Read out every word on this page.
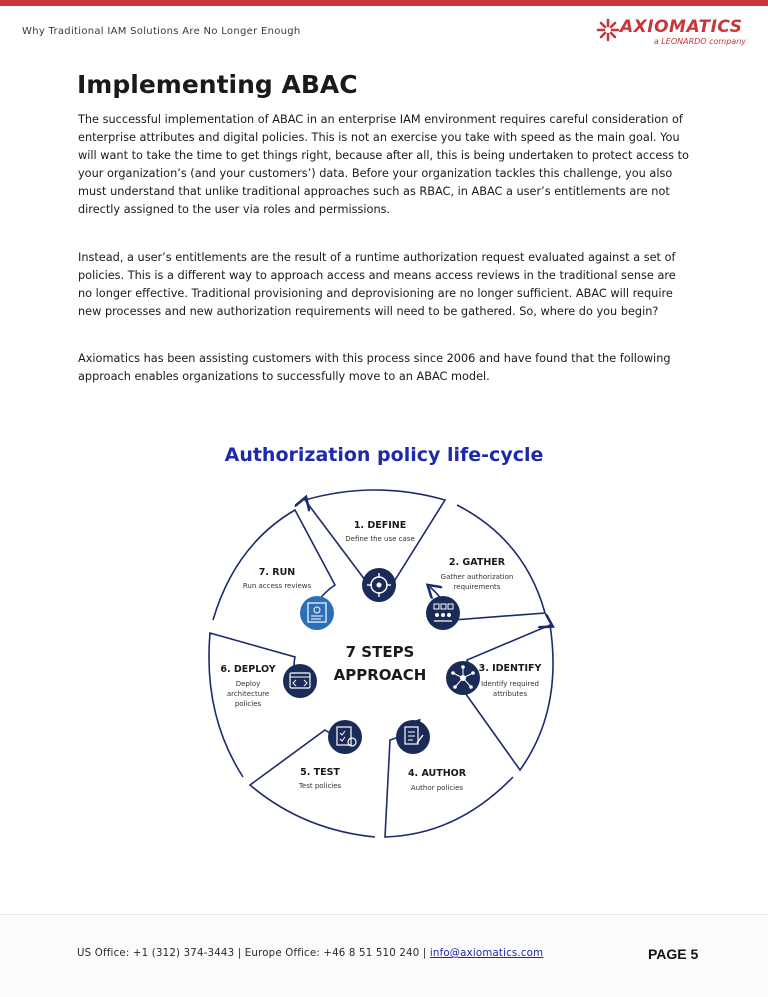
Why Traditional IAM Solutions Are No Longer Enough	AXIOMATICS
a LEONARDO company
Implementing ABAC

The successful implementation of ABAC in an enterprise IAM environment requires careful consideration of enterprise attributes and digital policies. This is not an exercise you take with speed as the main goal. You will want to take the time to get things right, because after all, this is being undertaken to protect access to your organization’s (and your customers’) data. Before your organization tackles this challenge, you also must understand that unlike traditional approaches such as RBAC, in ABAC a user’s entitlements are not directly assigned to the user via roles and permissions.

Instead, a user’s entitlements are the result of a runtime authorization request evaluated against a set of policies. This is a different way to approach access and means access reviews in the traditional sense are no longer effective. Traditional provisioning and deprovisioning are no longer sufficient. ABAC will require new processes and new authorization requirements will need to be gathered. So, where do you begin?

Axiomatics has been assisting customers with this process since 2006 and have found that the following approach enables organizations to successfully move to an ABAC model.

Authorization policy life-cycle
1. DEFINE
Define the use case
2. GATHER
Gather authorization
requirements
3. IDENTIFY
Identify required
attributes
4. AUTHOR
Author policies
5. TEST
Test policies
6. DEPLOY
Deploy
architecture
policies
7. RUN
Run access reviews
7 STEPS
APPROACH
US Office: +1 (312) 374-3443 | Europe Office: +46 8 51 510 240 | info@axiomatics.com	PAGE 5
